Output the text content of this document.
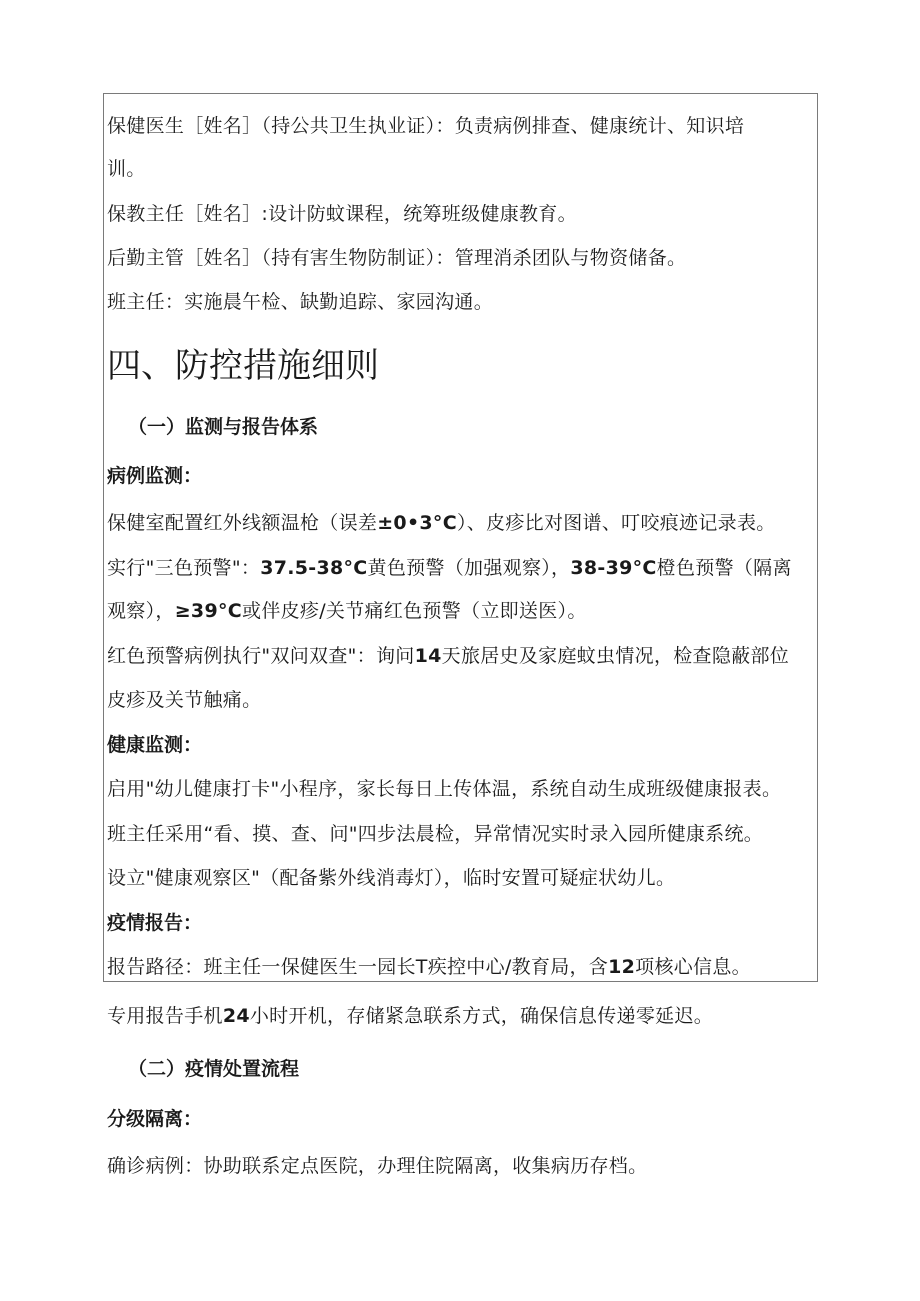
保健医生［姓名］（持公共卫生执业证）：负责病例排查、健康统计、知识培
训。
保教主任［姓名］:设计防蚊课程，统筹班级健康教育。
后勤主管［姓名］（持有害生物防制证）：管理消杀团队与物资储备。
班主任：实施晨午检、缺勤追踪、家园沟通。
四、防控措施细则
（一）监测与报告体系
病例监测：
保健室配置红外线额温枪（误差±0•3°C）、皮疹比对图谱、叮咬痕迹记录表。
实行"三色预警"：37.5-38°C黄色预警（加强观察），38-39°C橙色预警（隔离
观察），≥39°C或伴皮疹/关节痛红色预警（立即送医）。
红色预警病例执行"双问双查"：询问14天旅居史及家庭蚊虫情况，检查隐蔽部位
皮疹及关节触痛。
健康监测：
启用"幼儿健康打卡"小程序，家长每日上传体温，系统自动生成班级健康报表。
班主任采用“看、摸、查、问"四步法晨检，异常情况实时录入园所健康系统。
设立"健康观察区"（配备紫外线消毒灯），临时安置可疑症状幼儿。
疫情报告：
报告路径：班主任一保健医生一园长T疾控中心/教育局，含12项核心信息。
专用报告手机24小时开机，存储紧急联系方式，确保信息传递零延迟。
（二）疫情处置流程
分级隔离：
确诊病例：协助联系定点医院，办理住院隔离，收集病历存档。
